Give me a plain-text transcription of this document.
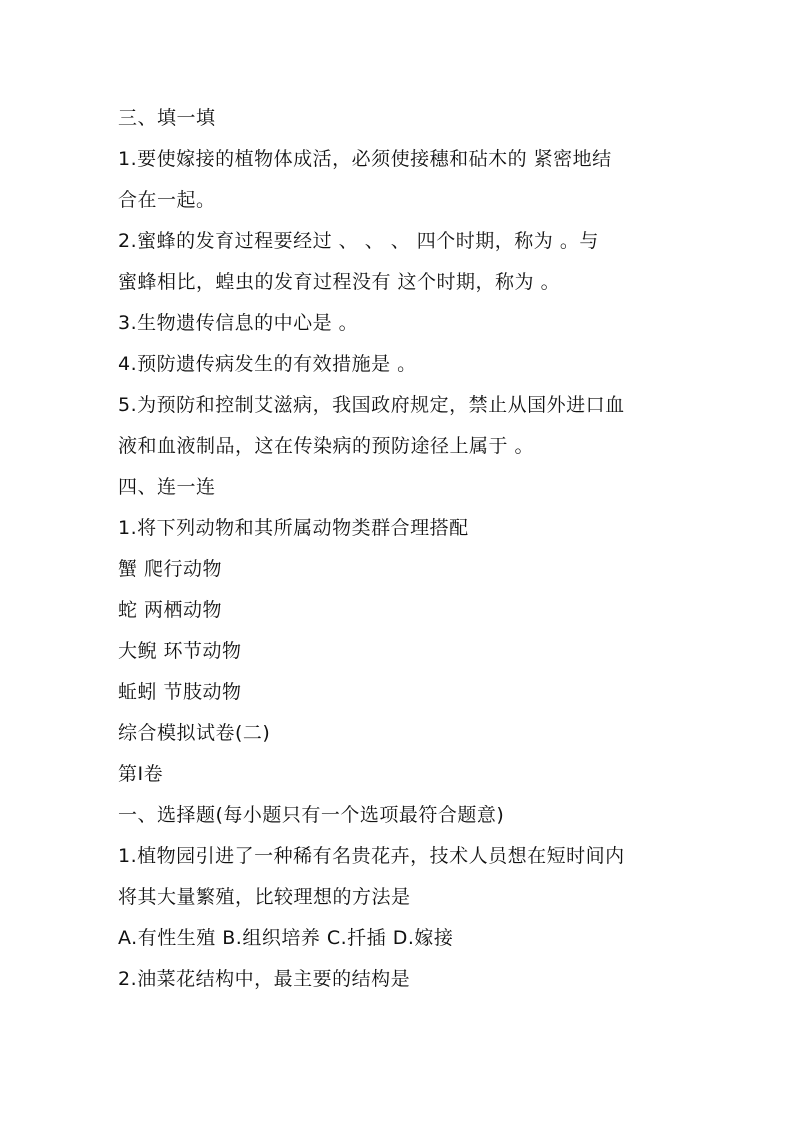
三、填一填
1.要使嫁接的植物体成活，必须使接穗和砧木的 紧密地结
合在一起。
2.蜜蜂的发育过程要经过 、 、 、 四个时期，称为 。与
蜜蜂相比，蝗虫的发育过程没有 这个时期，称为 。
3.生物遗传信息的中心是 。
4.预防遗传病发生的有效措施是 。
5.为预防和控制艾滋病，我国政府规定，禁止从国外进口血
液和血液制品，这在传染病的预防途径上属于 。
四、连一连
1.将下列动物和其所属动物类群合理搭配
蟹 爬行动物
蛇 两栖动物
大鲵 环节动物
蚯蚓 节肢动物
综合模拟试卷(二)
第Ⅰ卷
一、选择题(每小题只有一个选项最符合题意)
1.植物园引进了一种稀有名贵花卉，技术人员想在短时间内
将其大量繁殖，比较理想的方法是
A.有性生殖 B.组织培养 C.扦插 D.嫁接
2.油菜花结构中，最主要的结构是
